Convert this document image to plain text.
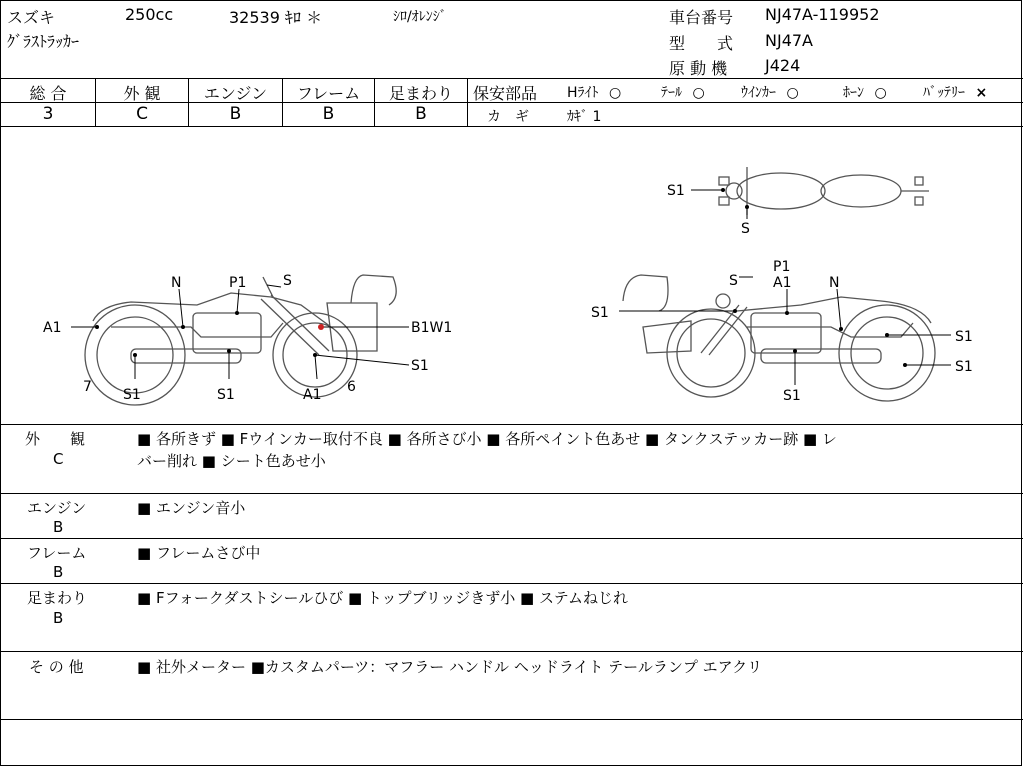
スズキ	250cc	32539 ｷﾛ ＊	ｼﾛ/ｵﾚﾝｼﾞ
ｸﾞﾗｽﾄﾗｯｶｰ
車台番号 NJ47A-119952
型　　式 NJ47A
原 動 機 J424
総 合	外 観	エンジン	フレーム	足まわり
3	C	B	B	B
保安部品 Hﾗｲﾄ ○	ﾃｰﾙ ○	ｳｲﾝｶｰ ○	ﾎｰﾝ ○	ﾊﾞｯﾃﾘｰ ×
カ　ギ	ｶｷﾞ 1
S1
S
N	P1	S
A1	B1W1
S1
7 S1	S1	A1 6
S
P1
A1	N
S1
S1
S1
S1
外　　観
C
■ 各所きず ■ Fウインカー取付不良 ■ 各所さび小 ■ 各所ペイント色あせ ■ タンクステッカー跡 ■ レ
バー削れ ■ シート色あせ小
エンジン
B
■ エンジン音小
フレーム
B
■ フレームさび中
足まわり
B
■ Fフォークダストシールひび ■ トップブリッジきず小 ■ ステムねじれ
そ の 他	■ 社外メーター ■カスタムパーツ：マフラー ハンドル ヘッドライト テールランプ エアクリ
